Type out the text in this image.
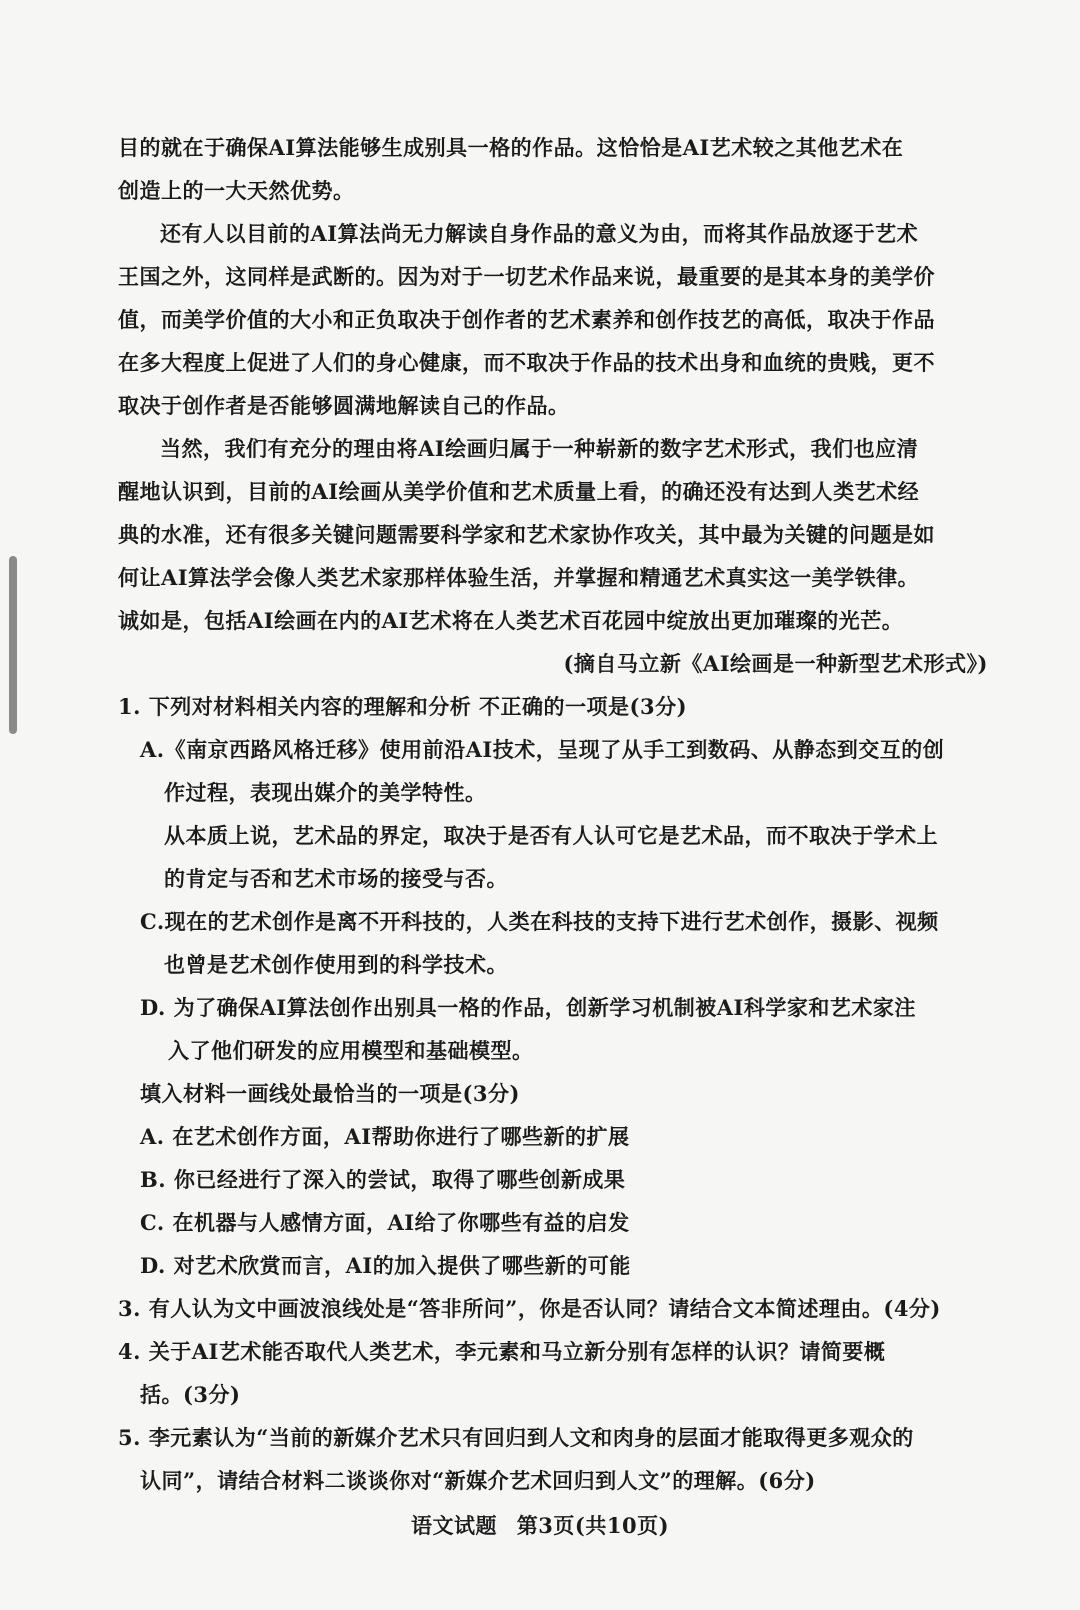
目的就在于确保AI算法能够生成别具一格的作品。这恰恰是AI艺术较之其他艺术在
创造上的一大天然优势。
还有人以目前的AI算法尚无力解读自身作品的意义为由，而将其作品放逐于艺术
王国之外，这同样是武断的。因为对于一切艺术作品来说，最重要的是其本身的美学价
值，而美学价值的大小和正负取决于创作者的艺术素养和创作技艺的高低，取决于作品
在多大程度上促进了人们的身心健康，而不取决于作品的技术出身和血统的贵贱，更不
取决于创作者是否能够圆满地解读自己的作品。
当然，我们有充分的理由将AI绘画归属于一种崭新的数字艺术形式，我们也应清
醒地认识到，目前的AI绘画从美学价值和艺术质量上看，的确还没有达到人类艺术经
典的水准，还有很多关键问题需要科学家和艺术家协作攻关，其中最为关键的问题是如
何让AI算法学会像人类艺术家那样体验生活，并掌握和精通艺术真实这一美学铁律。
诚如是，包括AI绘画在内的AI艺术将在人类艺术百花园中绽放出更加璀璨的光芒。

(摘自马立新《AI绘画是一种新型艺术形式》)

1. 下列对材料相关内容的理解和分析 不正确的一项是(3分)

A.《南京西路风格迁移》使用前沿AI技术，呈现了从手工到数码、从静态到交互的创
作过程，表现出媒介的美学特性。
从本质上说，艺术品的界定，取决于是否有人认可它是艺术品，而不取决于学术上
的肯定与否和艺术市场的接受与否。
C.现在的艺术创作是离不开科技的，人类在科技的支持下进行艺术创作，摄影、视频
也曾是艺术创作使用到的科学技术。
D. 为了确保AI算法创作出别具一格的作品，创新学习机制被AI科学家和艺术家注
入了他们研发的应用模型和基础模型。

填入材料一画线处最恰当的一项是(3分)

A. 在艺术创作方面，AI帮助你进行了哪些新的扩展

B. 你已经进行了深入的尝试，取得了哪些创新成果

C. 在机器与人感情方面，AI给了你哪些有益的启发

D. 对艺术欣赏而言，AI的加入提供了哪些新的可能

3. 有人认为文中画波浪线处是“答非所问”，你是否认同？请结合文本简述理由。(4分)

4. 关于AI艺术能否取代人类艺术，李元素和马立新分别有怎样的认识？请简要概
括。(3分)
5. 李元素认为“当前的新媒介艺术只有回归到人文和肉身的层面才能取得更多观众的
认同”，请结合材料二谈谈你对“新媒介艺术回归到人文”的理解。(6分)
语文试题 第3页(共10页)
